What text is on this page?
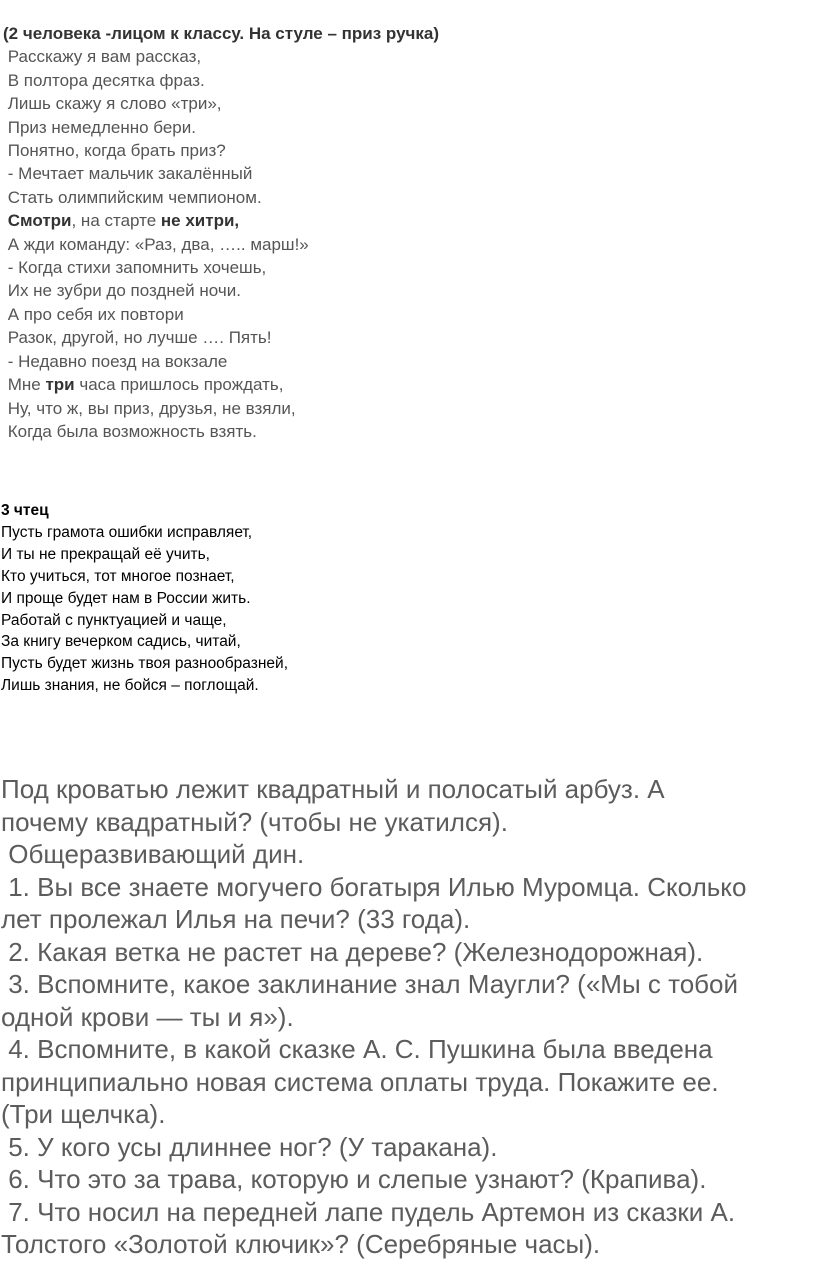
(2 человека -лицом к классу. На стуле – приз ручка)
Расскажу я вам рассказ,
В полтора десятка фраз.
Лишь скажу я слово «три»,
Приз немедленно бери.
Понятно, когда брать приз?
- Мечтает мальчик закалённый
Стать олимпийским чемпионом.
Смотри, на старте не хитри,
А жди команду: «Раз, два, ….. марш!»
- Когда стихи запомнить хочешь,
Их не зубри до поздней ночи.
А про себя их повтори
Разок, другой, но лучше …. Пять!
- Недавно поезд на вокзале
Мне три часа пришлось прождать,
Ну, что ж, вы приз, друзья, не взяли,
Когда была возможность взять.
3 чтец
Пусть грамота ошибки исправляет,
И ты не прекращай её учить,
Кто учиться, тот многое познает,
И проще будет нам в России жить.
Работай с пунктуацией и чаще,
За книгу вечерком садись, читай,
Пусть будет жизнь твоя разнообразней,
Лишь знания, не бойся – поглощай.
Под кроватью лежит квадратный и полосатый арбуз. А
почему квадратный? (чтобы не укатился).
Общеразвивающий дин.
1. Вы все знаете могучего богатыря Илью Муромца. Сколько
лет пролежал Илья на печи? (33 года).
2. Какая ветка не растет на дереве? (Железнодорожная).
3. Вспомните, какое заклинание знал Маугли? («Мы с тобой
одной крови — ты и я»).
4. Вспомните, в какой сказке А. С. Пушкина была введена
принципиально новая система оплаты труда. Покажите ее.
(Три щелчка).
5. У кого усы длиннее ног? (У таракана).
6. Что это за трава, которую и слепые узнают? (Крапива).
7. Что носил на передней лапе пудель Артемон из сказки А.
Толстого «Золотой ключик»? (Серебряные часы).
